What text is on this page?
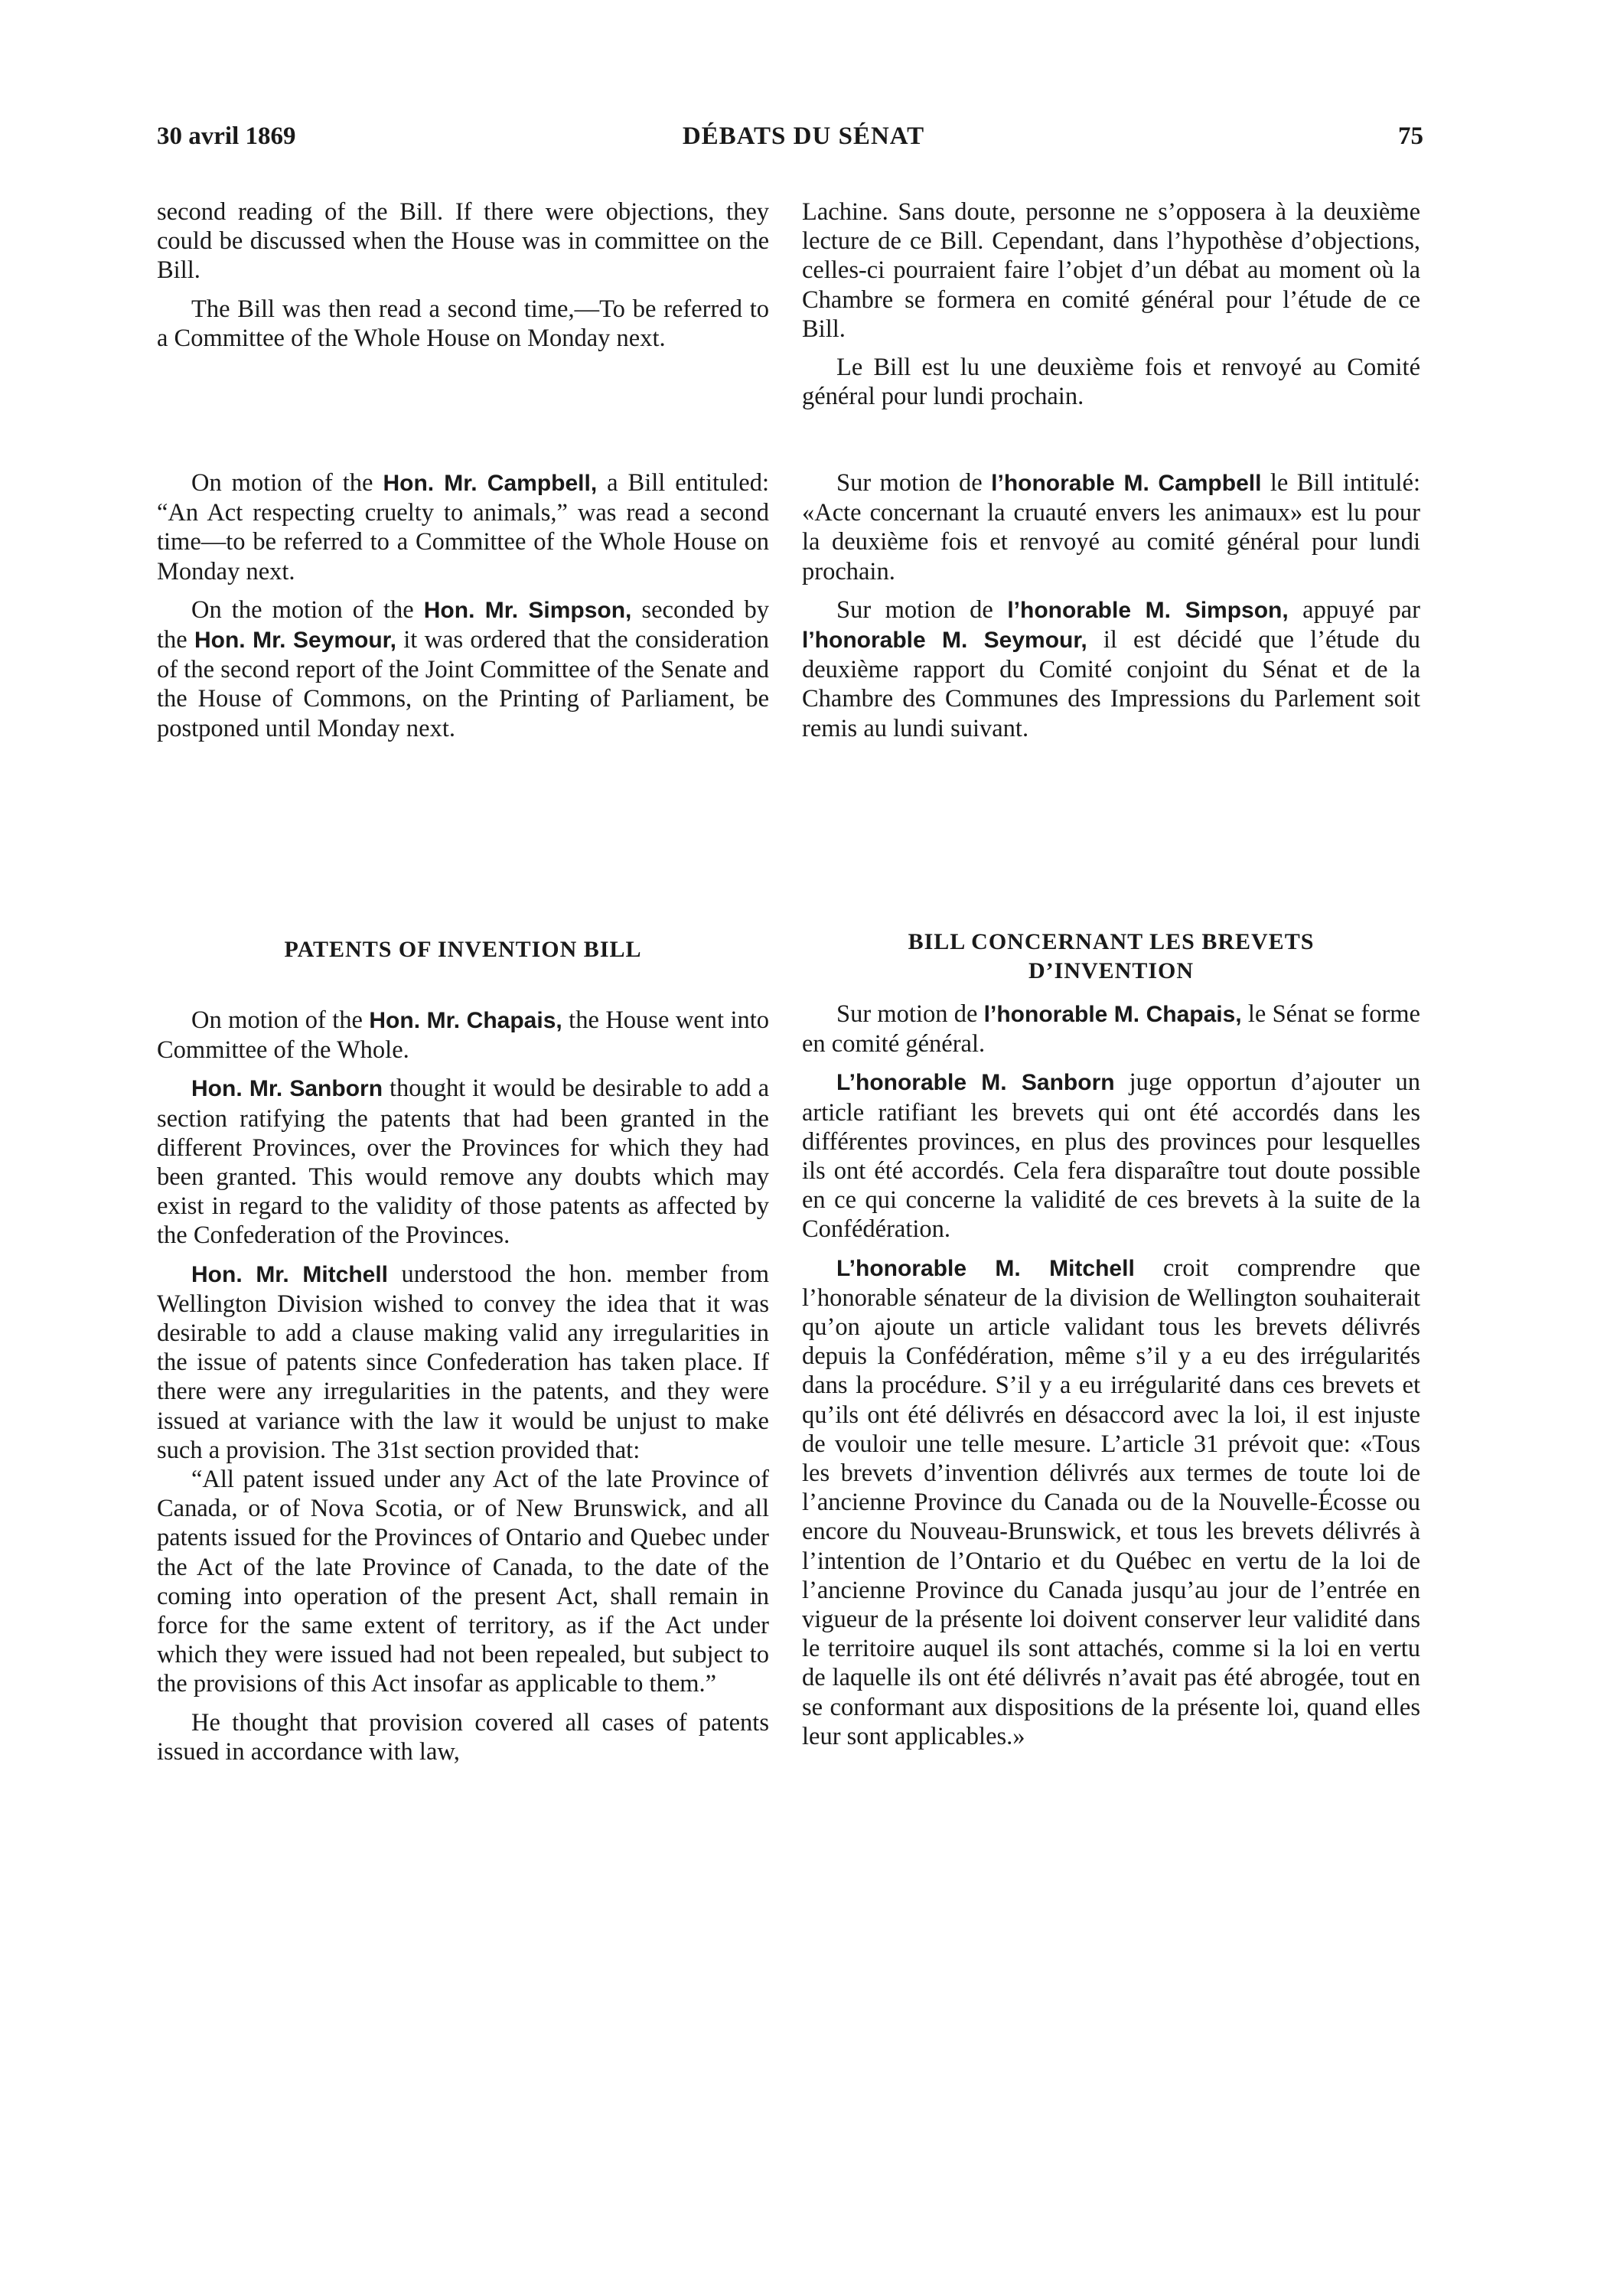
30 avril 1869	DÉBATS DU SÉNAT	75

second reading of the Bill. If there were objections, they could be discussed when the House was in committee on the Bill.

The Bill was then read a second time,—To be referred to a Committee of the Whole House on Monday next.

Lachine. Sans doute, personne ne s’opposera à la deuxième lecture de ce Bill. Cependant, dans l’hypothèse d’objections, celles-ci pourraient faire l’objet d’un débat au moment où la Chambre se formera en comité général pour l’étude de ce Bill.

Le Bill est lu une deuxième fois et renvoyé au Comité général pour lundi prochain.

On motion of the Hon. Mr. Campbell, a Bill entituled: “An Act respecting cruelty to animals,” was read a second time—to be referred to a Committee of the Whole House on Monday next.

On the motion of the Hon. Mr. Simpson, seconded by the Hon. Mr. Seymour, it was ordered that the consideration of the second report of the Joint Committee of the Senate and the House of Commons, on the Printing of Parliament, be postponed until Monday next.

Sur motion de l’honorable M. Campbell le Bill intitulé: «Acte concernant la cruauté envers les animaux» est lu pour la deuxième fois et renvoyé au comité général pour lundi prochain.

Sur motion de l’honorable M. Simpson, appuyé par l’honorable M. Seymour, il est décidé que l’étude du deuxième rapport du Comité conjoint du Sénat et de la Chambre des Communes des Impressions du Parlement soit remis au lundi suivant.

PATENTS OF INVENTION BILL	BILL CONCERNANT LES BREVETS
D’INVENTION

On motion of the Hon. Mr. Chapais, the House went into Committee of the Whole.

Hon. Mr. Sanborn thought it would be desirable to add a section ratifying the patents that had been granted in the different Provinces, over the Provinces for which they had been granted. This would remove any doubts which may exist in regard to the validity of those patents as affected by the Confederation of the Provinces.

Hon. Mr. Mitchell understood the hon. member from Wellington Division wished to convey the idea that it was desirable to add a clause making valid any irregularities in the issue of patents since Confederation has taken place. If there were any irregularities in the patents, and they were issued at variance with the law it would be unjust to make such a provision. The 31st section provided that:

“All patent issued under any Act of the late Province of Canada, or of Nova Scotia, or of New Brunswick, and all patents issued for the Provinces of Ontario and Quebec under the Act of the late Province of Canada, to the date of the coming into operation of the present Act, shall remain in force for the same extent of territory, as if the Act under which they were issued had not been repealed, but subject to the provisions of this Act insofar as applicable to them.”

He thought that provision covered all cases of patents issued in accordance with law,

Sur motion de l’honorable M. Chapais, le Sénat se forme en comité général.

L’honorable M. Sanborn juge opportun d’ajouter un article ratifiant les brevets qui ont été accordés dans les différentes provinces, en plus des provinces pour lesquelles ils ont été accordés. Cela fera disparaître tout doute possible en ce qui concerne la validité de ces brevets à la suite de la Confédération.

L’honorable M. Mitchell croit comprendre que l’honorable sénateur de la division de Wellington souhaiterait qu’on ajoute un article validant tous les brevets délivrés depuis la Confédération, même s’il y a eu des irrégularités dans la procédure. S’il y a eu irrégularité dans ces brevets et qu’ils ont été délivrés en désaccord avec la loi, il est injuste de vouloir une telle mesure. L’article 31 prévoit que: «Tous les brevets d’invention délivrés aux termes de toute loi de l’ancienne Province du Canada ou de la Nouvelle-Écosse ou encore du Nouveau-Brunswick, et tous les brevets délivrés à l’intention de l’Ontario et du Québec en vertu de la loi de l’ancienne Province du Canada jusqu’au jour de l’entrée en vigueur de la présente loi doivent conserver leur validité dans le territoire auquel ils sont attachés, comme si la loi en vertu de laquelle ils ont été délivrés n’avait pas été abrogée, tout en se conformant aux dispositions de la présente loi, quand elles leur sont applicables.»
